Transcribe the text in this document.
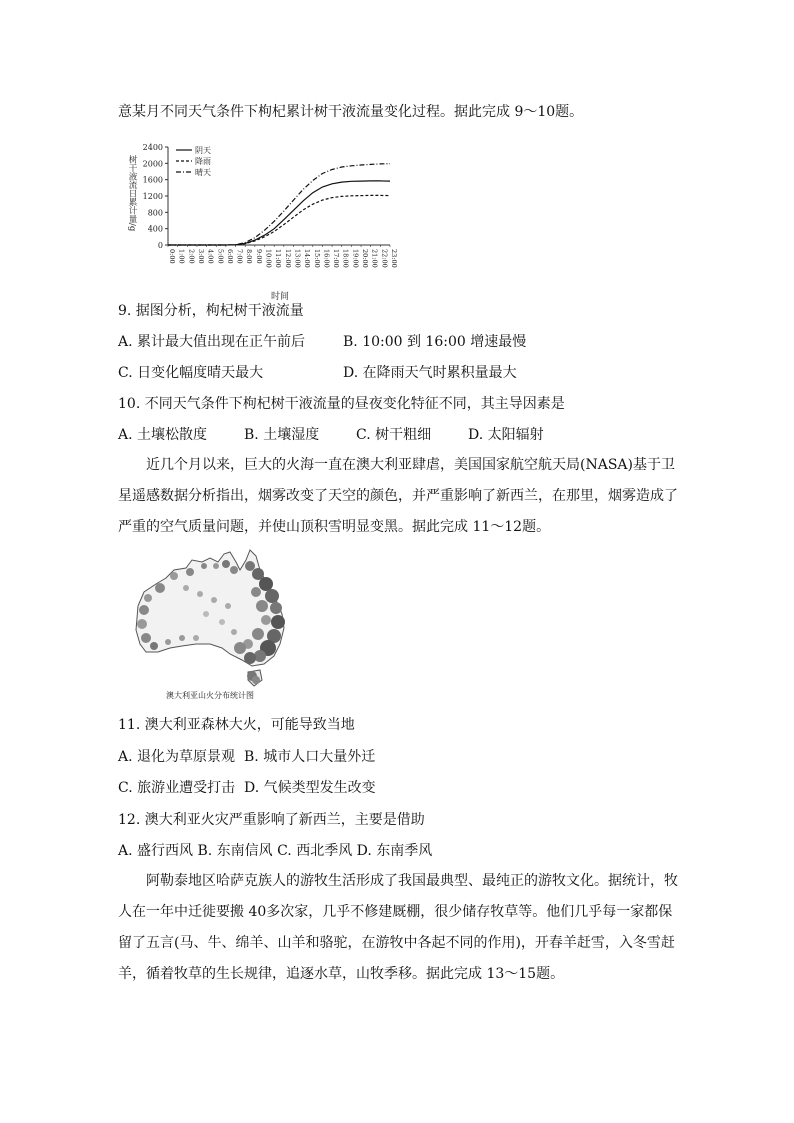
意某月不同天气条件下枸杞累计树干液流量变化过程。据此完成 9～10题。
树干液流日累计量/g
0
400
800
1200
1600
2000
2400
0:00 1:00 2:00 3:00 4:00 5:00 6:00 7:00 8:00 9:00 10:00 11:00 12:00 13:00 14:00 15:00 16:00 17:00 18:00 19:00 20:00 21:00 22:00 23:00
阴天
降雨
晴天
时间
9. 据图分析，枸杞树干液流量
A. 累计最大值出现在正午前后	B. 10:00 到 16:00 增速最慢
C. 日变化幅度晴天最大	D. 在降雨天气时累积量最大
10. 不同天气条件下枸杞树干液流量的昼夜变化特征不同，其主导因素是
A. 土壤松散度	B. 土壤湿度	C. 树干粗细	D. 太阳辐射
近几个月以来，巨大的火海一直在澳大利亚肆虐，美国国家航空航天局(NASA)基于卫星遥感数据分析指出，烟雾改变了天空的颜色，并严重影响了新西兰，在那里，烟雾造成了严重的空气质量问题，并使山顶积雪明显变黑。据此完成 11～12题。
澳大利亚山火分布统计图
11. 澳大利亚森林大火，可能导致当地
A. 退化为草原景观 B. 城市人口大量外迁
C. 旅游业遭受打击 D. 气候类型发生改变
12. 澳大利亚火灾严重影响了新西兰，主要是借助
A. 盛行西风 B. 东南信风 C. 西北季风 D. 东南季风
阿勒泰地区哈萨克族人的游牧生活形成了我国最典型、最纯正的游牧文化。据统计，牧人在一年中迁徙要搬 40多次家，几乎不修建厩棚，很少储存牧草等。他们几乎每一家都保留了五言(马、牛、绵羊、山羊和骆驼，在游牧中各起不同的作用)，开春羊赶雪，入冬雪赶羊，循着牧草的生长规律，追逐水草，山牧季移。据此完成 13～15题。
